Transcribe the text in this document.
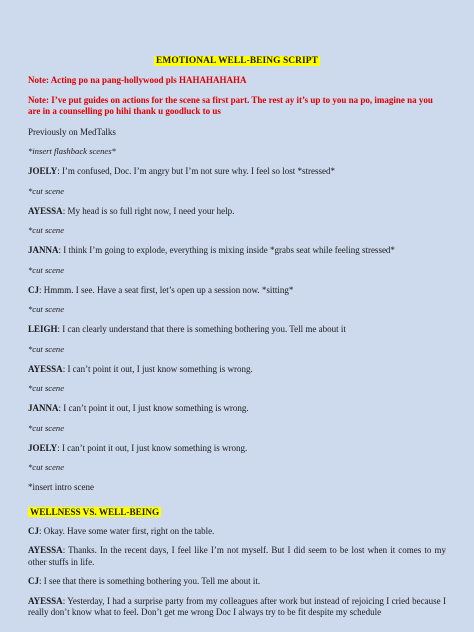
EMOTIONAL WELL-BEING SCRIPT

Note: Acting po na pang-hollywood pls HAHAHAHAHA

Note: I’ve put guides on actions for the scene sa first part. The rest ay it’s up to you na po, imagine na you are in a counselling po hihi thank u goodluck to us

Previously on MedTalks

*insert flashback scenes*

JOELY: I’m confused, Doc. I’m angry but I’m not sure why. I feel so lost *stressed*

*cut scene

AYESSA: My head is so full right now, I need your help.

*cut scene

JANNA: I think I’m going to explode, everything is mixing inside *grabs seat while feeling stressed*

*cut scene

CJ: Hmmm. I see. Have a seat first, let’s open up a session now. *sitting*

*cut scene

LEIGH: I can clearly understand that there is something bothering you. Tell me about it

*cut scene

AYESSA: I can’t point it out, I just know something is wrong.

*cut scene

JANNA: I can’t point it out, I just know something is wrong.

*cut scene

JOELY: I can’t point it out, I just know something is wrong.

*cut scene

*insert intro scene

WELLNESS VS. WELL-BEING

CJ: Okay. Have some water first, right on the table.

AYESSA: Thanks. In the recent days, I feel like I’m not myself. But I did seem to be lost when it comes to my other stuffs in life.

CJ: I see that there is something bothering you. Tell me about it.

AYESSA: Yesterday, I had a surprise party from my colleagues after work but instead of rejoicing I cried because I really don’t know what to feel. Don’t get me wrong Doc I always try to be fit despite my schedule
